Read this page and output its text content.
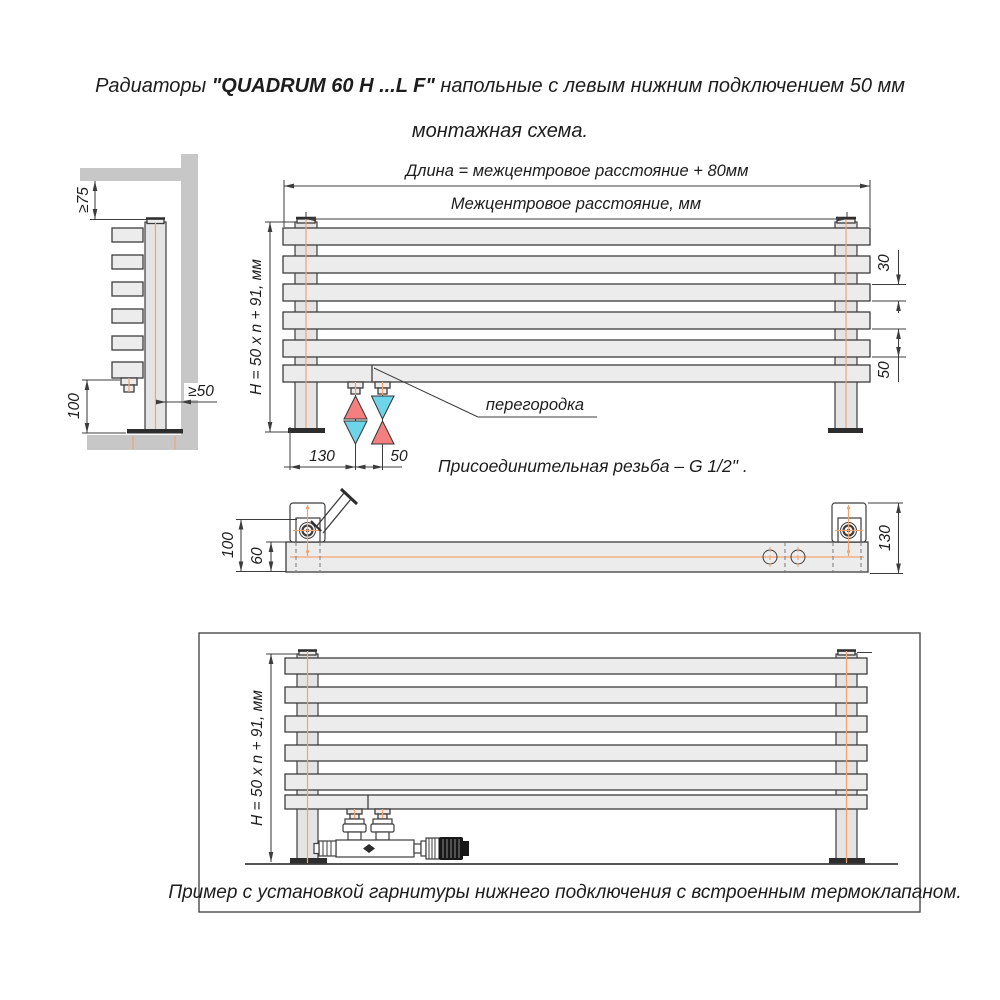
Радиаторы "QUADRUM 60 H ...L F" напольные с левым нижним подключением 50 мм
монтажная схема.
≥75
100
≥50
Длина = межцентровое расстояние + 80мм
Межцентровое расстояние, мм
H = 50 x n + 91, мм	30
50
130	50
перегородка
Присоединительная резьба – G 1/2" .
100 60
130
H = 50 x n + 91, мм
Пример с установкой гарнитуры нижнего подключения с встроенным термоклапаном.
